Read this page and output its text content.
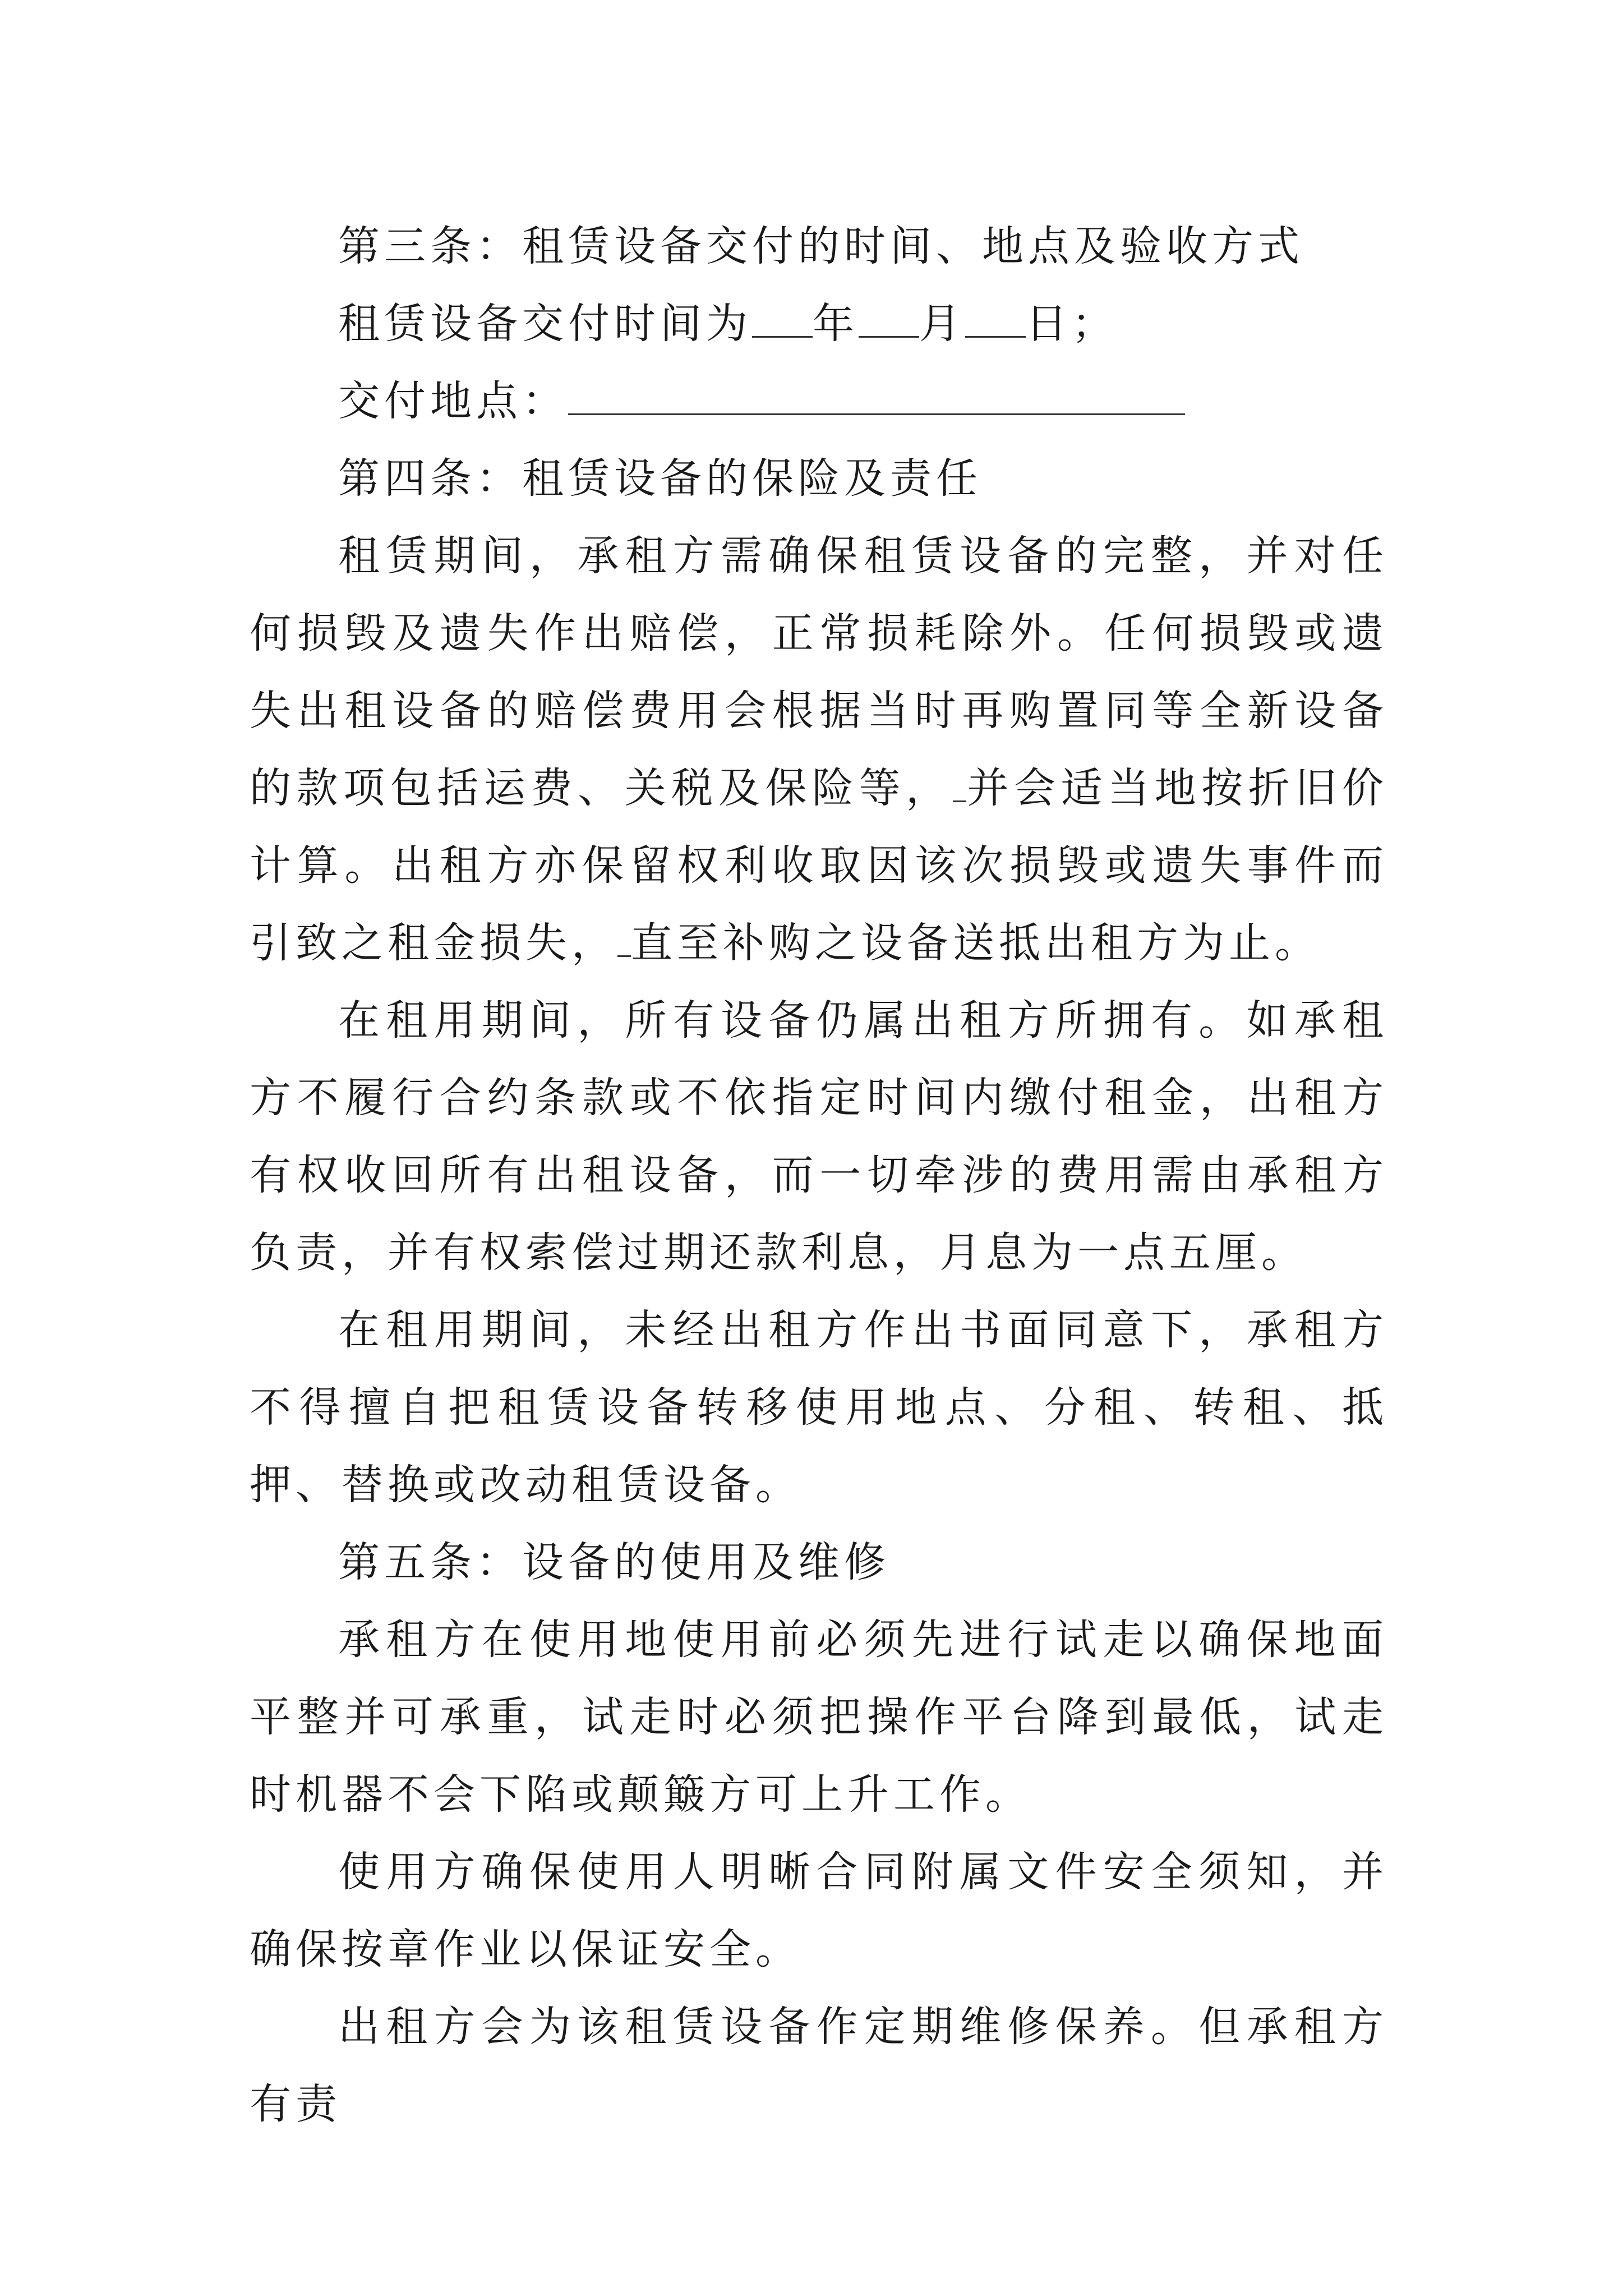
第三条：租赁设备交付的时间、地点及验收方式

租赁设备交付时间为 年 月 日；

交付地点：

第四条：租赁设备的保险及责任

租赁期间，承租方需确保租赁设备的完整，并对任何损毁及遗失作出赔偿，正常损耗除外。任何损毁或遗失出租设备的赔偿费用会根据当时再购置同等全新设备的款项包括运费、关税及保险等， 并会适当地按折旧价计算。出租方亦保留权利收取因该次损毁或遗失事件而引致之租金损失， 直至补购之设备送抵出租方为止。

在租用期间，所有设备仍属出租方所拥有。如承租方不履行合约条款或不依指定时间内缴付租金，出租方有权收回所有出租设备，而一切牵涉的费用需由承租方负责，并有权索偿过期还款利息，月息为一点五厘。

在租用期间，未经出租方作出书面同意下，承租方不得擅自把租赁设备转移使用地点、分租、转租、抵押、替换或改动租赁设备。

第五条：设备的使用及维修

承租方在使用地使用前必须先进行试走以确保地面平整并可承重，试走时必须把操作平台降到最低，试走时机器不会下陷或颠簸方可上升工作。

使用方确保使用人明晰合同附属文件安全须知，并确保按章作业以保证安全。

出租方会为该租赁设备作定期维修保养。但承租方有责
